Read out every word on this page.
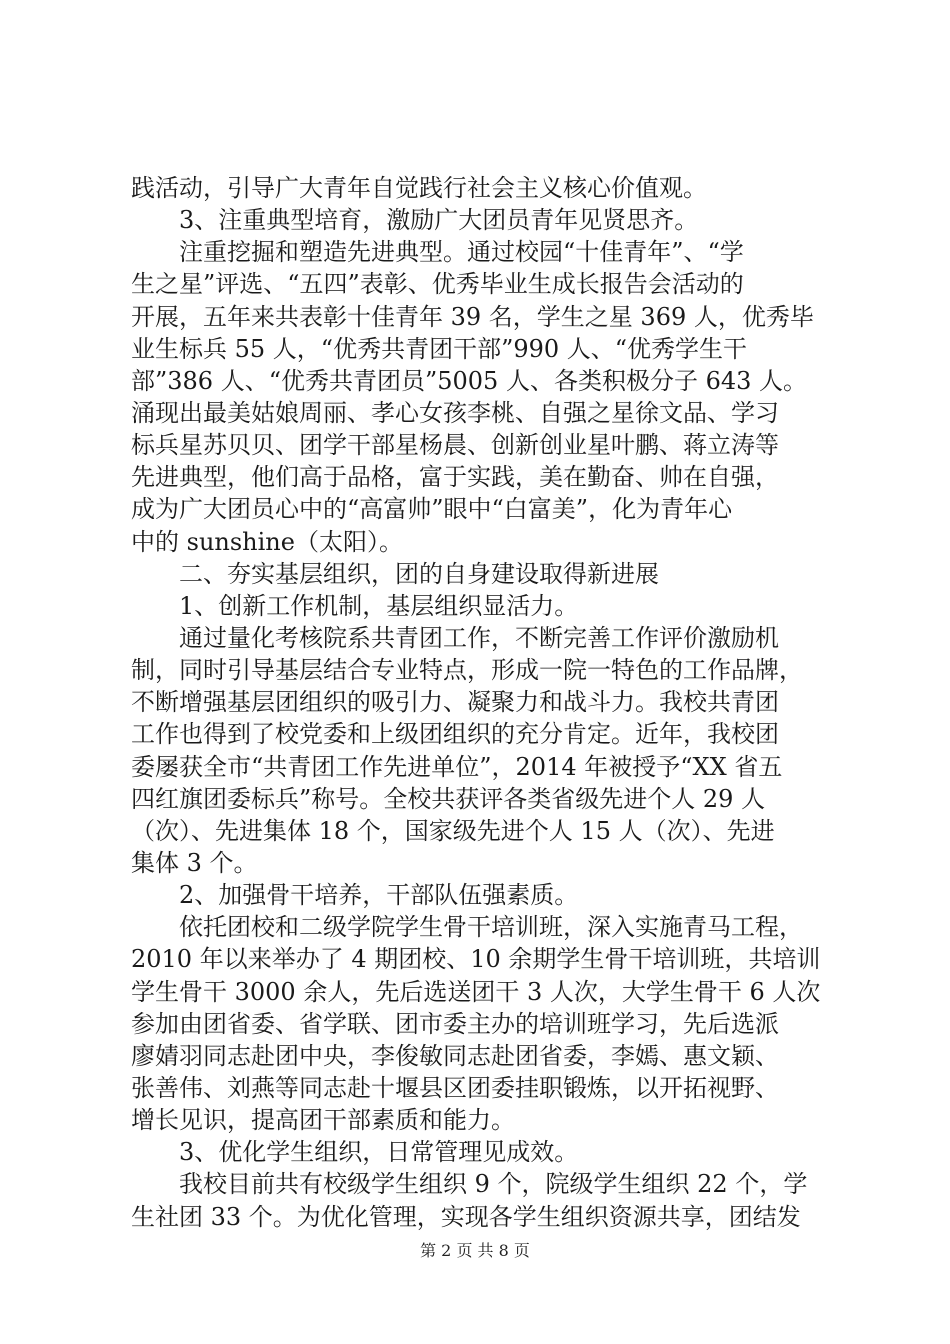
践活动，引导广大青年自觉践行社会主义核心价值观。
3、注重典型培育，激励广大团员青年见贤思齐。
注重挖掘和塑造先进典型。通过校园“十佳青年”、“学
生之星”评选、“五四”表彰、优秀毕业生成长报告会活动的
开展，五年来共表彰十佳青年 39 名，学生之星 369 人，优秀毕
业生标兵 55 人，“优秀共青团干部”990 人、“优秀学生干
部”386 人、“优秀共青团员”5005 人、各类积极分子 643 人。
涌现出最美姑娘周丽、孝心女孩李桃、自强之星徐文品、学习
标兵星苏贝贝、团学干部星杨晨、创新创业星叶鹏、蒋立涛等
先进典型，他们高于品格，富于实践，美在勤奋、帅在自强，
成为广大团员心中的“高富帅”眼中“白富美”，化为青年心
中的 sunshine（太阳）。
二、夯实基层组织，团的自身建设取得新进展
1、创新工作机制，基层组织显活力。
通过量化考核院系共青团工作，不断完善工作评价激励机
制，同时引导基层结合专业特点，形成一院一特色的工作品牌，
不断增强基层团组织的吸引力、凝聚力和战斗力。我校共青团
工作也得到了校党委和上级团组织的充分肯定。近年，我校团
委屡获全市“共青团工作先进单位”，2014 年被授予“XX 省五
四红旗团委标兵”称号。全校共获评各类省级先进个人 29 人
（次）、先进集体 18 个，国家级先进个人 15 人（次）、先进
集体 3 个。
2、加强骨干培养，干部队伍强素质。
依托团校和二级学院学生骨干培训班，深入实施青马工程，
2010 年以来举办了 4 期团校、10 余期学生骨干培训班，共培训
学生骨干 3000 余人，先后选送团干 3 人次，大学生骨干 6 人次
参加由团省委、省学联、团市委主办的培训班学习，先后选派
廖婧羽同志赴团中央，李俊敏同志赴团省委，李嫣、惠文颖、
张善伟、刘燕等同志赴十堰县区团委挂职锻炼，以开拓视野、
增长见识，提高团干部素质和能力。
3、优化学生组织，日常管理见成效。
我校目前共有校级学生组织 9 个，院级学生组织 22 个，学
生社团 33 个。为优化管理，实现各学生组织资源共享，团结发
第 2 页 共 8 页
